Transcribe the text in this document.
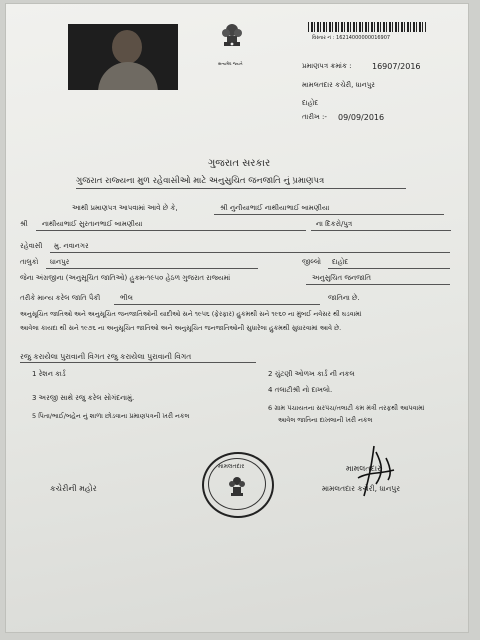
સત્યમેવ જયતે
વિસ્તાર નં : 16214000000016907
પ્રમાણપત્ર ક્રમાંક :	16907/2016
મામલતદાર કચેરી, ધાનપુર
દાહોદ
તારીખ :- 09/09/2016
ગુજરાત સરકાર
ગુજરાત રાજ્યના મુળ રહેવાસીઓ માટે અનુસુચિત જનજાતિ નું પ્રમાણપત્ર
આથી પ્રમાણપત્ર આપવામાં આવે છે કે,	શ્રી નુનીયાભાઈ નાથીયાભાઈ બામણીયા
શ્રી નાથીયાભાઈ સુરતાનભાઈ બામણીયા	ના દિકરો/પુત્ર
રહેવાસી મુ. નવાનગર
તાલુકો ધાનપુર	જીલ્લો દાહોદ
જેના અંગ્રજીના (અનુસૂચિત જાતિઓ) હુકમ-૧૯૫૦ હેઠળ ગુજરાત રાજ્યમાં	અનુસુચિત જનજાતિ
તરીકે માન્ય કરેલ જાતિ પૈકી	ભીલ	જાતિના છે.
અનુસૂચિત જાતિઓ અને અનુસૂચિત જનજાતિઓની યાદીઓ સને ૧૯૫૬ (ફેરફાર) હુકમથી સને ૧૯૬૦ ના મુંબઈ નવેસર થી ઘડવામાં
આવેલા કાયદા થી સને ૧૯૭૬ ના અનુસૂચિત જાતિઓ અને અનુસૂચિત જનજાતિઓની સુધારેલા હુકમથી સુધારવામાં આવે છે.
રજુ કરાયેલા પુરાવાની વિગત રજુ કરાયેલા પુરાવાની વિગત
1 રેશન કાર્ડ
3 અરજી સાથે રજુ કરેલ સોગંદનામું.
5 પિતા/ભાઈ/બહેન નું શાળા છોડવાના પ્રમાણપત્રની ખરી નકલ
2 ચુંટણી ઓળખ કાર્ડ ની નકલ
4 તલાટીશ્રી નો દાખલો.
6 ગ્રામ પંચાયતના સરપંચ/તલાટી કમ મંત્રી તરફથી આપવામાં
આવેલ જાતિના દાખલાની ખરી નકલ
મામલતદાર
કચેરીની મહોર
મામલતદાર
મામલતદાર કચેરી, ધાનપુર
